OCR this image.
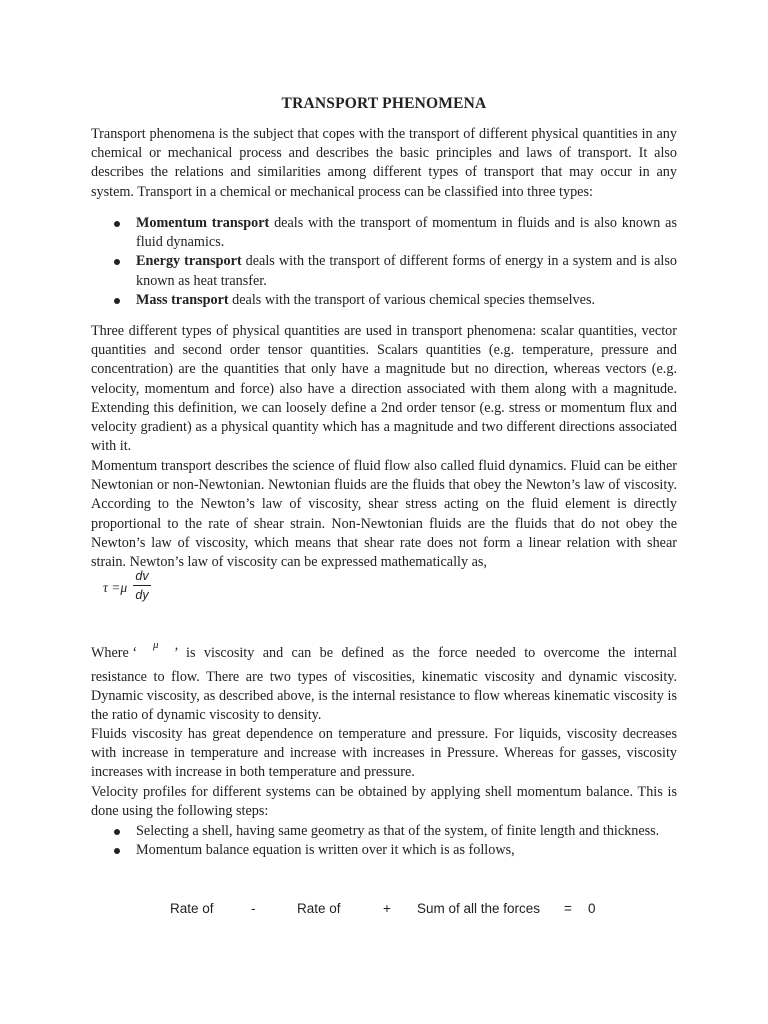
TRANSPORT PHENOMENA

Transport phenomena is the subject that copes with the transport of different physical quantities in any chemical or mechanical process and describes the basic principles and laws of transport. It also describes the relations and similarities among different types of transport that may occur in any system. Transport in a chemical or mechanical process can be classified into three types:

Momentum transport deals with the transport of momentum in fluids and is also known as fluid dynamics.
Energy transport deals with the transport of different forms of energy in a system and is also known as heat transfer.
Mass transport deals with the transport of various chemical species themselves.

Three different types of physical quantities are used in transport phenomena: scalar quantities, vector quantities and second order tensor quantities. Scalars quantities (e.g. temperature, pressure and concentration) are the quantities that only have a magnitude but no direction, whereas vectors (e.g. velocity, momentum and force) also have a direction associated with them along with a magnitude. Extending this definition, we can loosely define a 2nd order tensor (e.g. stress or momentum flux and velocity gradient) as a physical quantity which has a magnitude and two different directions associated with it.

Momentum transport describes the science of fluid flow also called fluid dynamics. Fluid can be either Newtonian or non-Newtonian. Newtonian fluids are the fluids that obey the Newton’s law of viscosity. According to the Newton’s law of viscosity, shear stress acting on the fluid element is directly proportional to the rate of shear strain. Non-Newtonian fluids are the fluids that do not obey the Newton’s law of viscosity, which means that shear rate does not form a linear relation with shear strain. Newton’s law of viscosity can be expressed mathematically as,

τ =μ
dv
dy
Where ‘ μ ’ is viscosity and can be defined as the force needed to overcome the internal

resistance to flow. There are two types of viscosities, kinematic viscosity and dynamic viscosity. Dynamic viscosity, as described above, is the internal resistance to flow whereas kinematic viscosity is the ratio of dynamic viscosity to density.

Fluids viscosity has great dependence on temperature and pressure. For liquids, viscosity decreases with increase in temperature and increase with increases in Pressure. Whereas for gasses, viscosity increases with increase in both temperature and pressure.

Velocity profiles for different systems can be obtained by applying shell momentum balance. This is done using the following steps:

Selecting a shell, having same geometry as that of the system, of finite length and thickness.
Momentum balance equation is written over it which is as follows,
Rate of	-	Rate of	+ Sum of all the forces = 0
